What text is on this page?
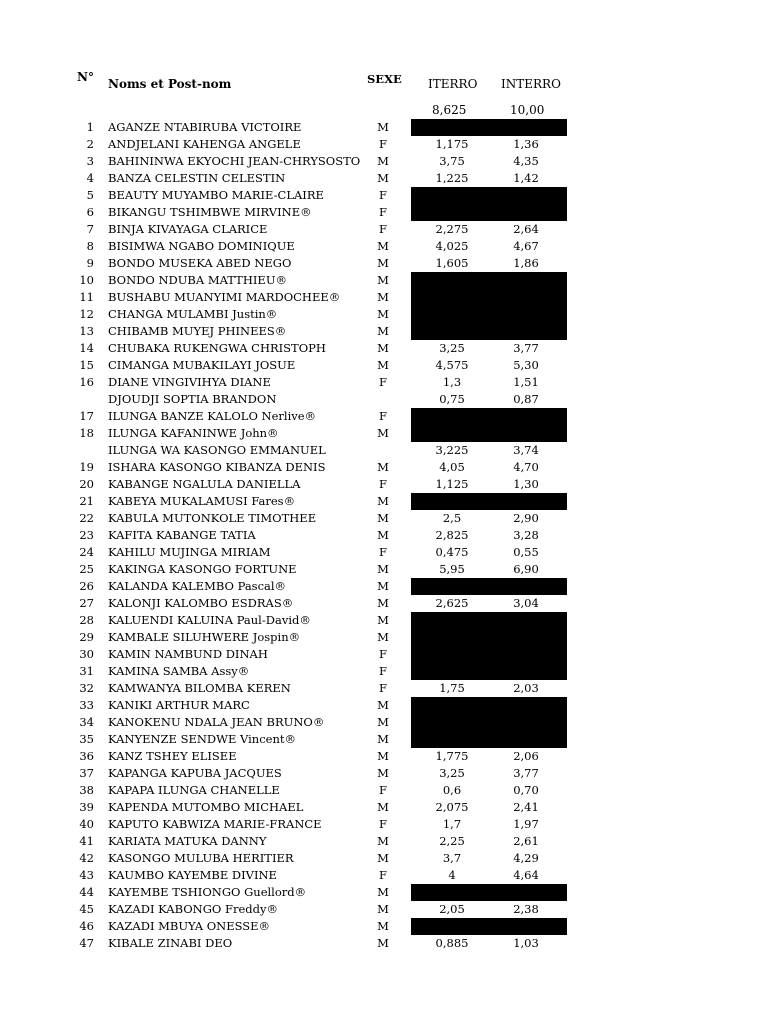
N° Noms et Post-nom	SEXE ITERRO INTERRO
8,625	10,00
1 AGANZE NTABIRUBA VICTOIRE	M
2 ANDJELANI KAHENGA ANGELE	F	1,175	1,36
3 BAHININWA EKYOCHI JEAN-CHRYSOSTO	M	3,75	4,35
4 BANZA CELESTIN CELESTIN	M	1,225	1,42
5 BEAUTY MUYAMBO MARIE-CLAIRE	F
6 BIKANGU TSHIMBWE MIRVINE®	F
7 BINJA KIVAYAGA CLARICE	F	2,275	2,64
8 BISIMWA NGABO DOMINIQUE	M	4,025	4,67
9 BONDO MUSEKA ABED NEGO	M	1,605	1,86
10 BONDO NDUBA MATTHIEU®	M
11 BUSHABU MUANYIMI MARDOCHEE®	M
12 CHANGA MULAMBI Justin®	M
13 CHIBAMB MUYEJ PHINEES®	M
14 CHUBAKA RUKENGWA CHRISTOPH	M	3,25	3,77
15 CIMANGA MUBAKILAYI JOSUE	M	4,575	5,30
16 DIANE VINGIVIHYA DIANE	F	1,3	1,51
DJOUDJI SOPTIA BRANDON	0,75	0,87
17 ILUNGA BANZE KALOLO Nerlive®	F
18 ILUNGA KAFANINWE John®	M
ILUNGA WA KASONGO EMMANUEL	3,225	3,74
19 ISHARA KASONGO KIBANZA DENIS	M	4,05	4,70
20 KABANGE NGALULA DANIELLA	F	1,125	1,30
21 KABEYA MUKALAMUSI Fares®	M
22 KABULA MUTONKOLE TIMOTHEE	M	2,5	2,90
23 KAFITA KABANGE TATIA	M	2,825	3,28
24 KAHILU MUJINGA MIRIAM	F	0,475	0,55
25 KAKINGA KASONGO FORTUNE	M	5,95	6,90
26 KALANDA KALEMBO Pascal®	M
27 KALONJI KALOMBO ESDRAS®	M	2,625	3,04
28 KALUENDI KALUINA Paul-David®	M
29 KAMBALE SILUHWERE Jospin®	M
30 KAMIN NAMBUND DINAH	F
31 KAMINA SAMBA Assy®	F
32 KAMWANYA BILOMBA KEREN	F	1,75	2,03
33 KANIKI ARTHUR MARC	M
34 KANOKENU NDALA JEAN BRUNO®	M
35 KANYENZE SENDWE Vincent®	M
36 KANZ TSHEY ELISEE	M	1,775	2,06
37 KAPANGA KAPUBA JACQUES	M	3,25	3,77
38 KAPAPA ILUNGA CHANELLE	F	0,6	0,70
39 KAPENDA MUTOMBO MICHAEL	M	2,075	2,41
40 KAPUTO KABWIZA MARIE-FRANCE	F	1,7	1,97
41 KARIATA MATUKA DANNY	M	2,25	2,61
42 KASONGO MULUBA HERITIER	M	3,7	4,29
43 KAUMBO KAYEMBE DIVINE	F	4	4,64
44 KAYEMBE TSHIONGO Guellord®	M
45 KAZADI KABONGO Freddy®	M	2,05	2,38
46 KAZADI MBUYA ONESSE®	M
47 KIBALE ZINABI DEO	M	0,885	1,03
